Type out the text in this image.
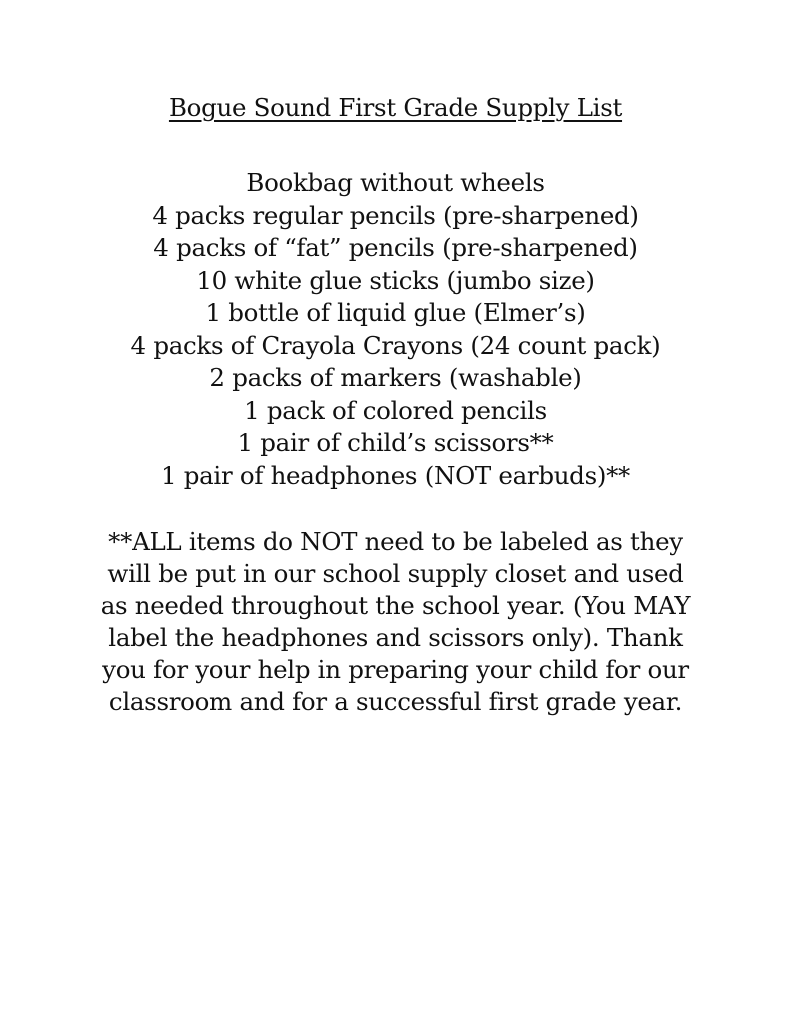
Bogue Sound First Grade Supply List
Bookbag without wheels
4 packs regular pencils (pre-sharpened)
4 packs of “fat” pencils (pre-sharpened)
10 white glue sticks (jumbo size)
1 bottle of liquid glue (Elmer’s)
4 packs of Crayola Crayons (24 count pack)
2 packs of markers (washable)
1 pack of colored pencils
1 pair of child’s scissors**
1 pair of headphones (NOT earbuds)**

**ALL items do NOT need to be labeled as they
will be put in our school supply closet and used
as needed throughout the school year. (You MAY
label the headphones and scissors only). Thank
you for your help in preparing your child for our
classroom and for a successful first grade year.
